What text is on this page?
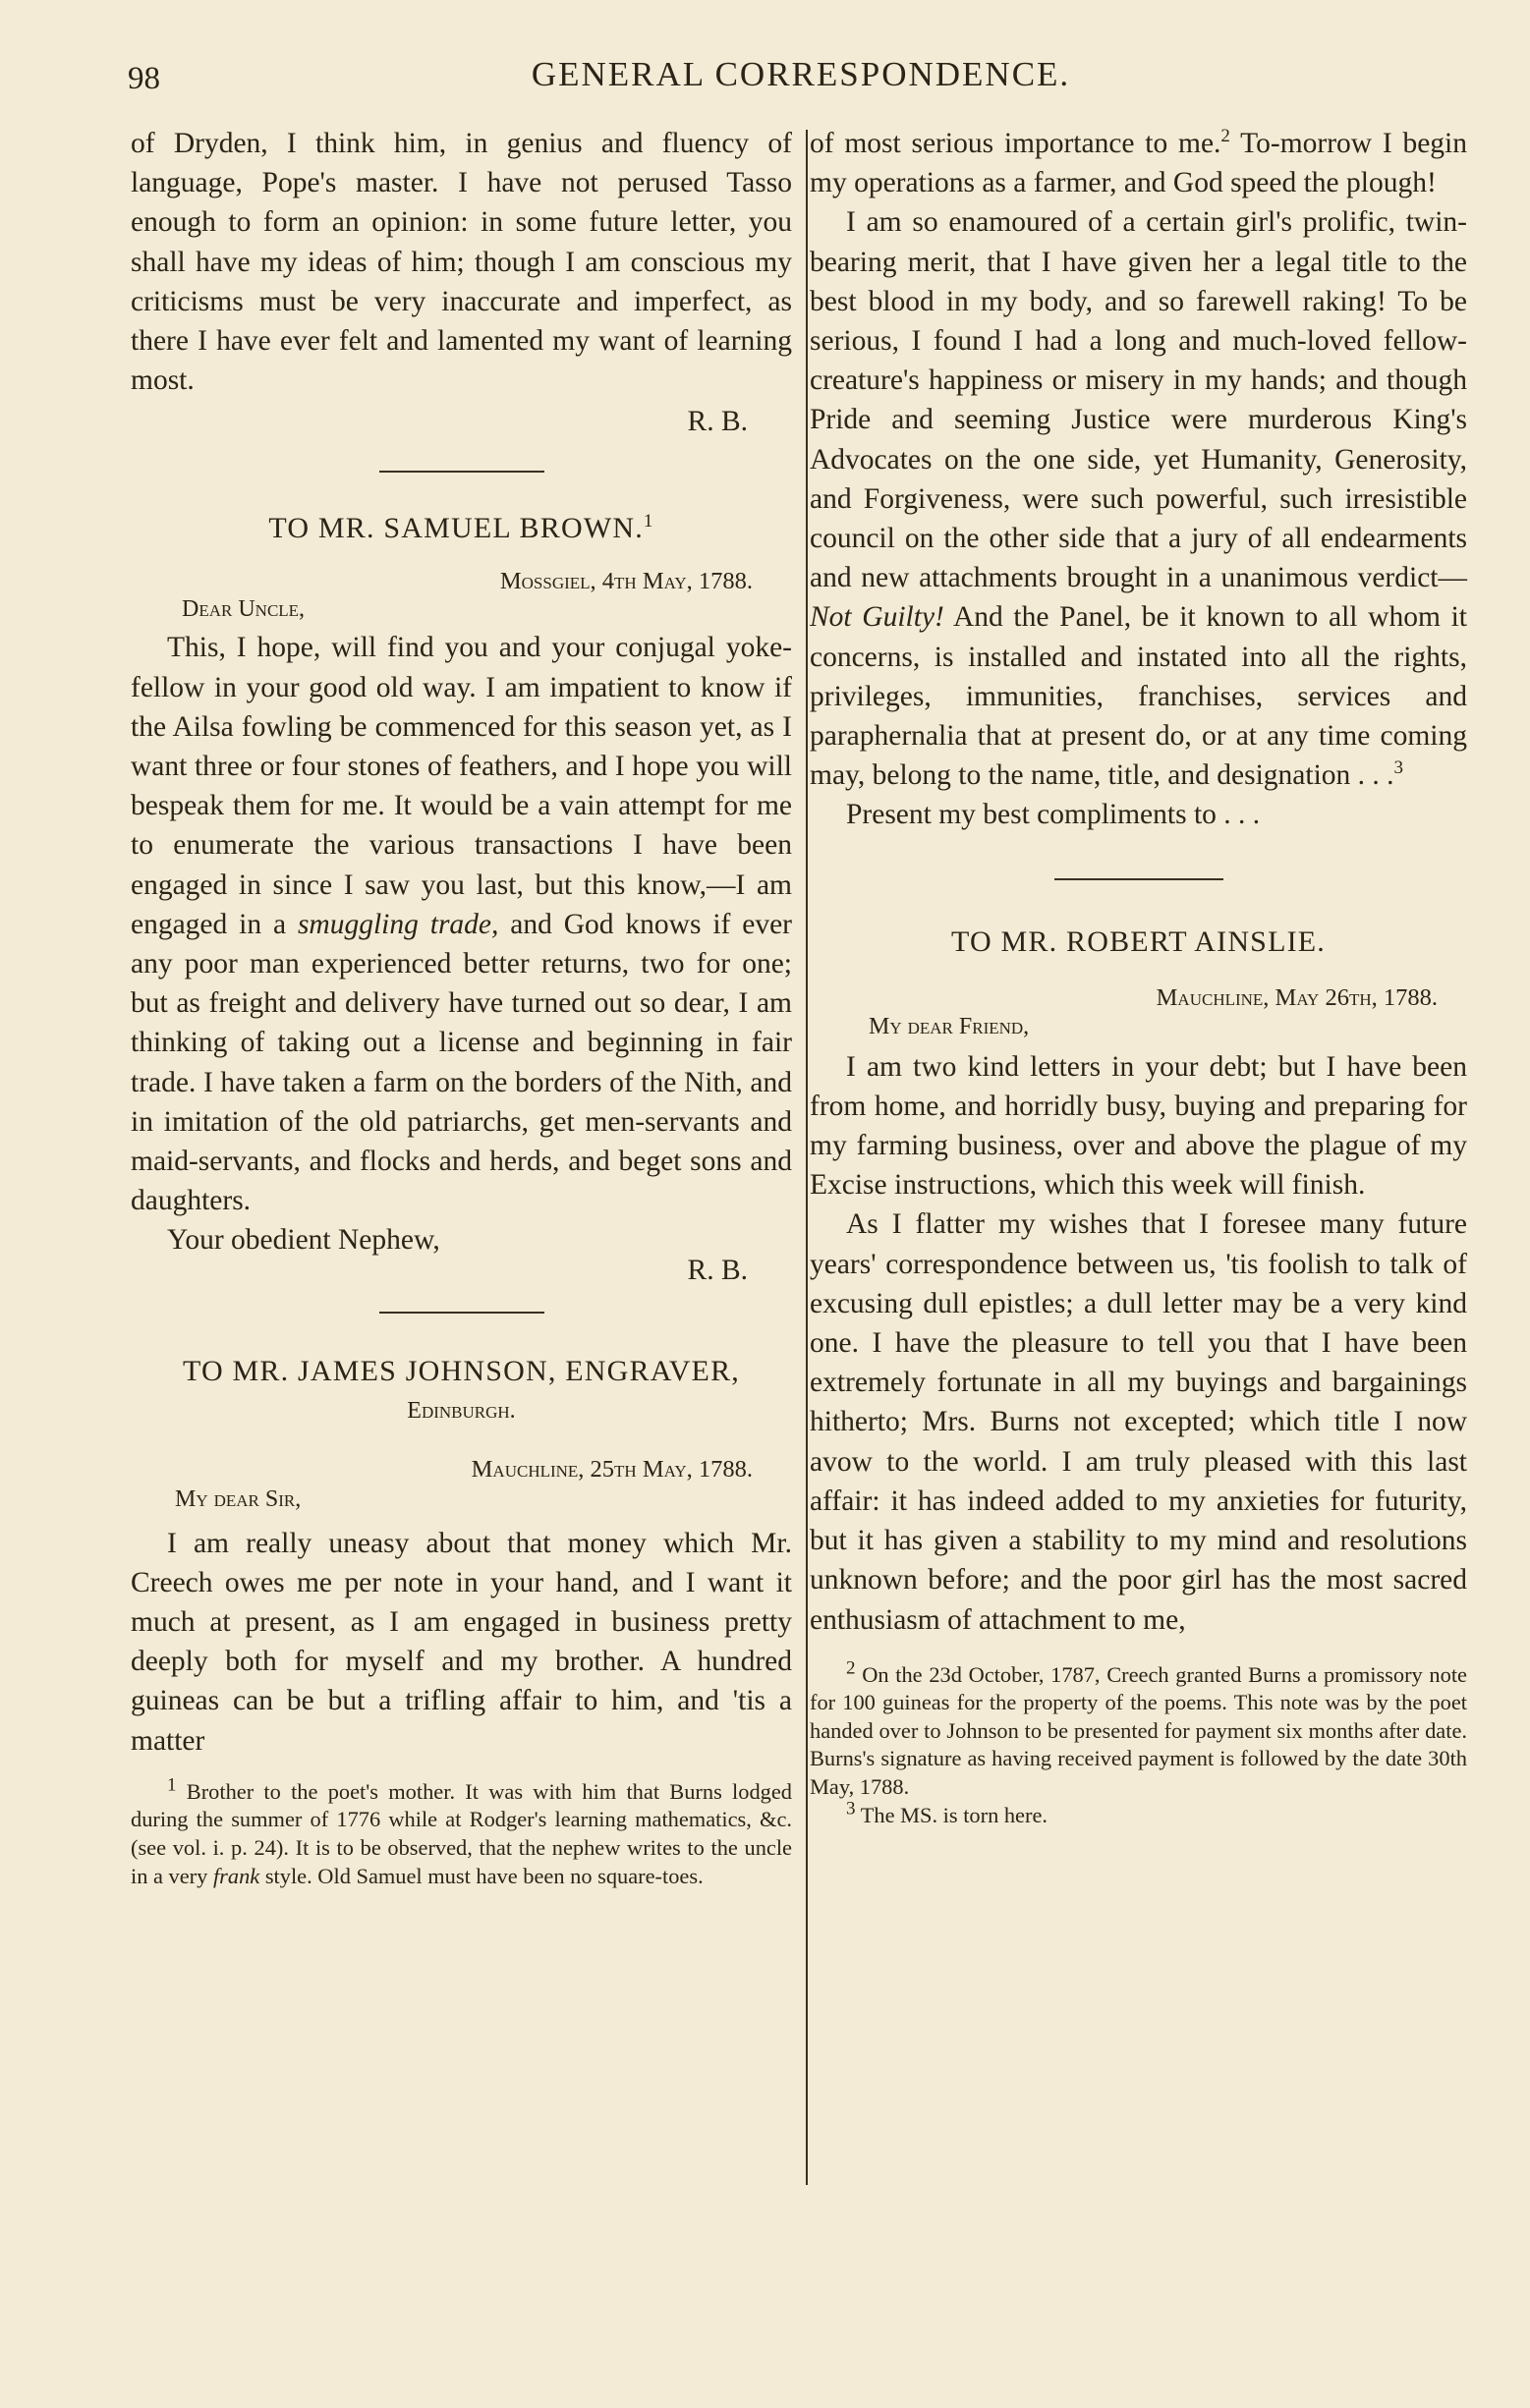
98	GENERAL CORRESPONDENCE.

of Dryden, I think him, in genius and fluency of language, Pope's master. I have not perused Tasso enough to form an opinion: in some future letter, you shall have my ideas of him; though I am conscious my criticisms must be very inaccurate and imperfect, as there I have ever felt and lamented my want of learning most.

R. B.
TO MR. SAMUEL BROWN.$^1$
Mossgiel, 4th May, 1788.
Dear Uncle,

This, I hope, will find you and your conjugal yoke-fellow in your good old way. I am impatient to know if the Ailsa fowling be commenced for this season yet, as I want three or four stones of feathers, and I hope you will bespeak them for me. It would be a vain attempt for me to enumerate the various transactions I have been engaged in since I saw you last, but this know,—I am engaged in a smuggling trade, and God knows if ever any poor man experienced better returns, two for one; but as freight and delivery have turned out so dear, I am thinking of taking out a license and beginning in fair trade. I have taken a farm on the borders of the Nith, and in imitation of the old patriarchs, get men-servants and maid-servants, and flocks and herds, and beget sons and daughters.

Your obedient Nephew,

R. B.
TO MR. JAMES JOHNSON, ENGRAVER,
Edinburgh.
Mauchline, 25th May, 1788.
My dear Sir,

I am really uneasy about that money which Mr. Creech owes me per note in your hand, and I want it much at present, as I am engaged in business pretty deeply both for myself and my brother. A hundred guineas can be but a trifling affair to him, and 'tis a matter

$^1$ Brother to the poet's mother. It was with him that Burns lodged during the summer of 1776 while at Rodger's learning mathematics, &c. (see vol. i. p. 24). It is to be observed, that the nephew writes to the uncle in a very frank style. Old Samuel must have been no square-toes.

of most serious importance to me.$^2$ To-morrow I begin my operations as a farmer, and God speed the plough!

I am so enamoured of a certain girl's prolific, twin-bearing merit, that I have given her a legal title to the best blood in my body, and so farewell raking! To be serious, I found I had a long and much-loved fellow-creature's happiness or misery in my hands; and though Pride and seeming Justice were murderous King's Advocates on the one side, yet Humanity, Generosity, and Forgiveness, were such powerful, such irresistible council on the other side that a jury of all endearments and new attachments brought in a unanimous verdict— Not Guilty! And the Panel, be it known to all whom it concerns, is installed and instated into all the rights, privileges, immunities, franchises, services and paraphernalia that at present do, or at any time coming may, belong to the name, title, and designation . . .$^3$

Present my best compliments to . . .

TO MR. ROBERT AINSLIE.
Mauchline, May 26th, 1788.
My dear Friend,

I am two kind letters in your debt; but I have been from home, and horridly busy, buying and preparing for my farming business, over and above the plague of my Excise instructions, which this week will finish.

As I flatter my wishes that I foresee many future years' correspondence between us, 'tis foolish to talk of excusing dull epistles; a dull letter may be a very kind one. I have the pleasure to tell you that I have been extremely fortunate in all my buyings and bargainings hitherto; Mrs. Burns not excepted; which title I now avow to the world. I am truly pleased with this last affair: it has indeed added to my anxieties for futurity, but it has given a stability to my mind and resolutions unknown before; and the poor girl has the most sacred enthusiasm of attachment to me,

$^2$ On the 23d October, 1787, Creech granted Burns a promissory note for 100 guineas for the property of the poems. This note was by the poet handed over to Johnson to be presented for payment six months after date. Burns's signature as having received payment is followed by the date 30th May, 1788.

$^3$ The MS. is torn here.
